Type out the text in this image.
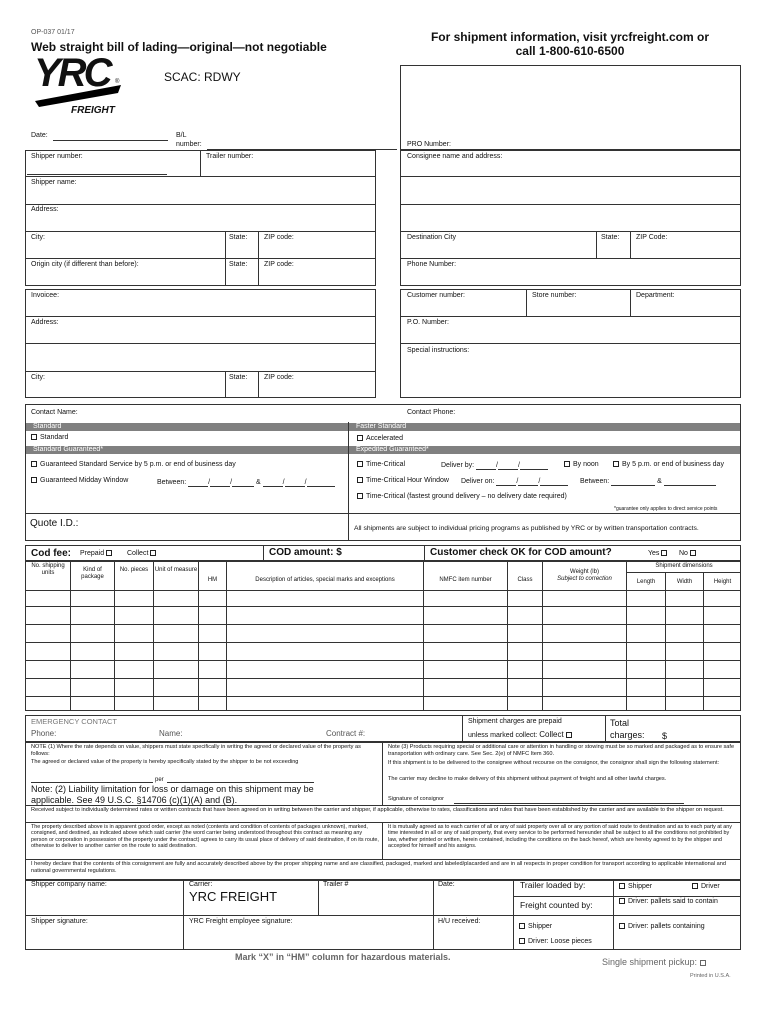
OP-037 01/17
Web straight bill of lading—original—not negotiable
YRC ®
FREIGHT
SCAC: RDWY
For shipment information, visit yrcfreight.com or
call 1-800-610-6500
Date:	B/L
number:	PRO Number:
Shipper number:	Trailer number:
Shipper name:
Address:
City:	State: ZIP code:
Origin city (if different than before):	State: ZIP code:
Consignee name and address:
Destination City	State: ZIP Code:
Phone Number:
Invoicee:
Address:
City:	State: ZIP code:
Customer number:	Store number:	Department:
P.O. Number:
Special instructions:
Contact Name:	Contact Phone:
Standard
Standard
Standard Guaranteed*
Guaranteed Standard Service by 5 p.m. or end of business day
Guaranteed Midday Window	Between:	/	/	&	/	/
Faster Standard
Accelerated
Expedited Guaranteed*
Time-Critical	Deliver by:	/	/	By noon	By 5 p.m. or end of business day
Time-Critical Hour Window Deliver on:	/	/	Between:	&
Time-Critical (fastest ground delivery – no delivery date required)
*guarantee only applies to direct service points
Quote I.D.:	All shipments are subject to individual pricing programs as published by YRC or by written transportation contracts.
Cod fee: Prepaid	Collect	COD amount: $	Customer check OK for COD amount?	Yes	No
No. shipping units	Kind of package
No. pieces	Unit of measure
HM	Description of articles, special marks and exceptions	NMFC item number	Class
Weight (lb)
Subject to correction
Shipment dimensions
Length	Width	Height
EMERGENCY CONTACT
Phone:	Name:	Contract #:
Shipment charges are prepaid
unless marked collect: Collect
Total
charges: $
NOTE (1) Where the rate depends on value, shippers must state specifically in writing the agreed or declared value of the property as follows:
The agreed or declared value of the property is hereby specifically stated by the shipper to be not exceeding
per
Note: (2) Liability limitation for loss or damage on this shipment may be applicable. See 49 U.S.C. §14706 (c)(1)(A) and (B).
Note (3) Products requiring special or additional care or attention in handling or stowing must be so marked and packaged as to ensure safe transportation with ordinary care. See Sec. 2(e) of NMFC Item 360.
If this shipment is to be delivered to the consignee without recourse on the consignor, the consignor shall sign the following statement:
The carrier may decline to make delivery of this shipment without payment of freight and all other lawful charges.
Signature of consignor
Received subject to individually determined rates or written contracts that have been agreed on in writing between the carrier and shipper, if applicable, otherwise to rates, classifications and rules that have been established by the carrier and are available to the shipper on request.
The property described above is in apparent good order, except as noted (contents and condition of contents of packages unknown), marked, consigned, and destined, as indicated above which said carrier (the word carrier being understood throughout this contract as meaning any person or corporation in possession of the property under the contract) agrees to carry its usual place of delivery of said destination, if on its route, otherwise to deliver to another carrier on the route to said destination.
It is mutually agreed as to each carrier of all or any of said property over all or any portion of said route to destination and as to each party at any time interested in all or any of said property, that every service to be performed hereunder shall be subject to all the conditions not prohibited by law, whether printed or written, herein contained, including the conditions on the back hereof, which are hereby agreed to by the shipper and accepted for himself and his assigns.
I hereby declare that the contents of this consignment are fully and accurately described above by the proper shipping name and are classified, packaged, marked and labeled/placarded and are in all respects in proper condition for transport according to applicable international and national governmental regulations.
Shipper company name:	Carrier:
YRC FREIGHT
Trailer #	Date:	Trailer loaded by:	Shipper	Driver
Freight counted by:	Driver: pallets said to contain
Shipper signature:	YRC Freight employee signature:	H/U received:
Shipper	Driver: pallets containing
Driver: Loose pieces
Mark “X” in “HM” column for hazardous materials.	Single shipment pickup:
Printed in U.S.A.
